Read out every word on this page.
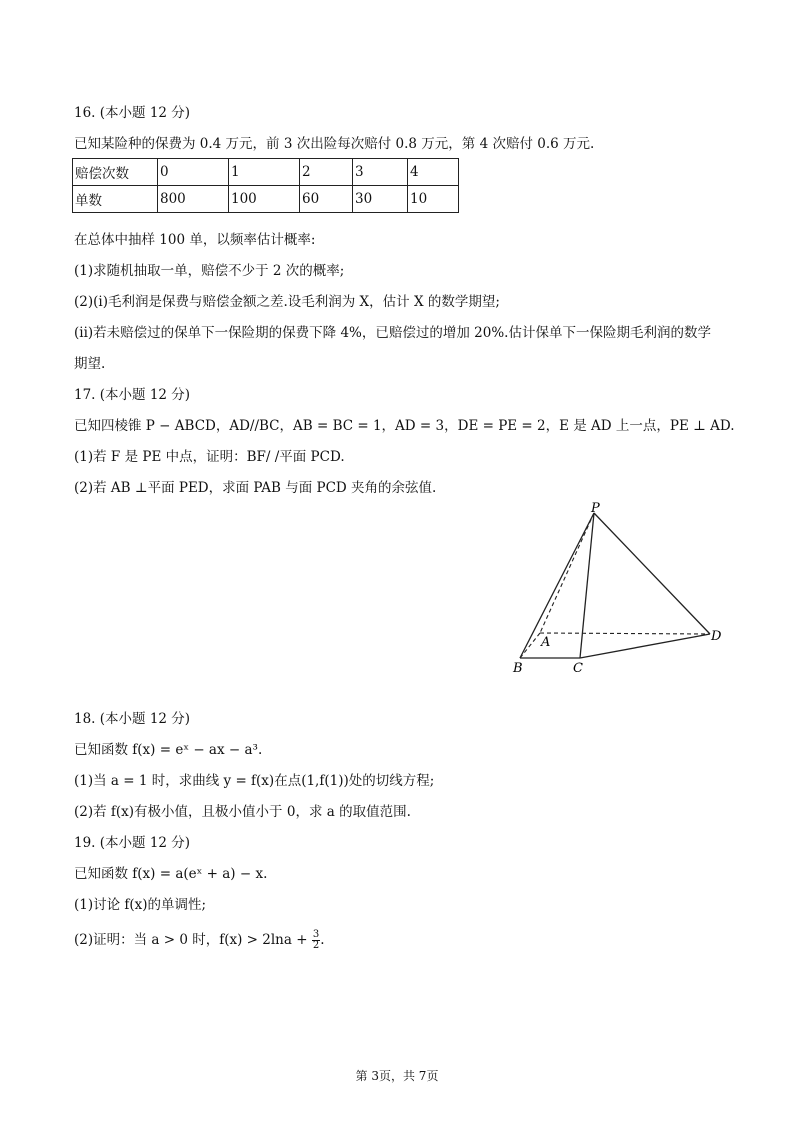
16. (本小题 12 分)
已知某险种的保费为 0.4 万元，前 3 次出险每次赔付 0.8 万元，第 4 次赔付 0.6 万元.
赔偿次数	0	1	2	3	4
单数	800	100	60	30	10
在总体中抽样 100 单，以频率估计概率:
(1)求随机抽取一单，赔偿不少于 2 次的概率;
(2)(i)毛利润是保费与赔偿金额之差.设毛利润为 X，估计 X 的数学期望;
(ii)若未赔偿过的保单下一保险期的保费下降 4%，已赔偿过的增加 20%.估计保单下一保险期毛利润的数学
期望.
17. (本小题 12 分)
已知四棱锥 P − ABCD，AD//BC，AB = BC = 1，AD = 3，DE = PE = 2，E 是 AD 上一点，PE ⊥ AD.
(1)若 F 是 PE 中点，证明：BF/ /平面 PCD.
(2)若 AB ⊥平面 PED，求面 PAB 与面 PCD 夹角的余弦值.
P
A
B	C
D
18. (本小题 12 分)
已知函数 f(x) = eˣ − ax − a³.
(1)当 a = 1 时，求曲线 y = f(x)在点(1,f(1))处的切线方程;
(2)若 f(x)有极小值，且极小值小于 0，求 a 的取值范围.
19. (本小题 12 分)
已知函数 f(x) = a(eˣ + a) − x.
(1)讨论 f(x)的单调性;
(2)证明：当 a > 0 时，$f(x) > 2\ln a + \frac{3}{2}$ .
第 3页，共 7页
